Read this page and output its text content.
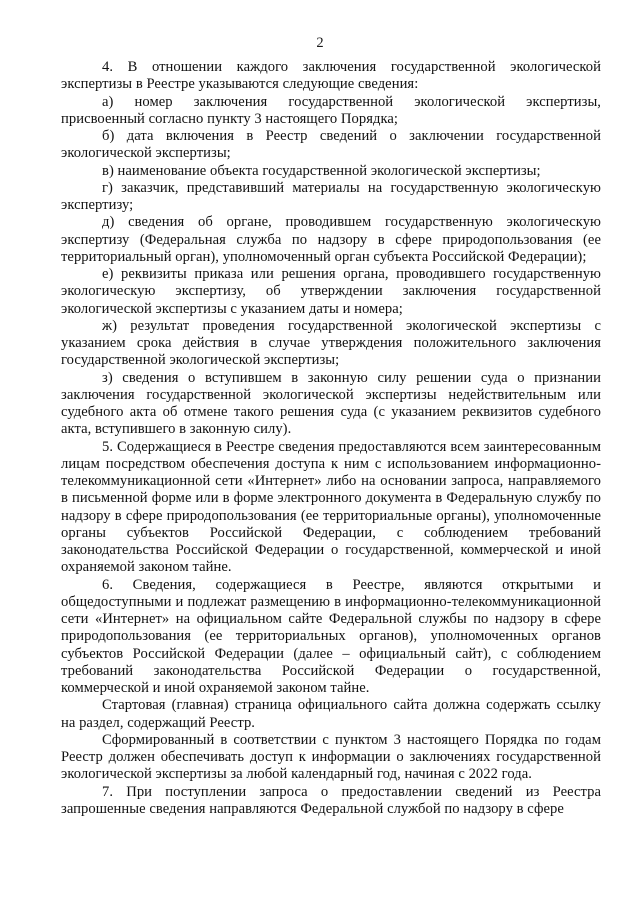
2

4. В отношении каждого заключения государственной экологической экспертизы в Реестре указываются следующие сведения:

а) номер заключения государственной экологической экспертизы, присвоенный согласно пункту 3 настоящего Порядка;

б) дата включения в Реестр сведений о заключении государственной экологической экспертизы;

в) наименование объекта государственной экологической экспертизы;

г) заказчик, представивший материалы на государственную экологическую экспертизу;

д) сведения об органе, проводившем государственную экологическую экспертизу (Федеральная служба по надзору в сфере природопользования (ее территориальный орган), уполномоченный орган субъекта Российской Федерации);

е) реквизиты приказа или решения органа, проводившего государственную экологическую экспертизу, об утверждении заключения государственной экологической экспертизы с указанием даты и номера;

ж) результат проведения государственной экологической экспертизы с указанием срока действия в случае утверждения положительного заключения государственной экологической экспертизы;

з) сведения о вступившем в законную силу решении суда о признании заключения государственной экологической экспертизы недействительным или судебного акта об отмене такого решения суда (с указанием реквизитов судебного акта, вступившего в законную силу).

5. Содержащиеся в Реестре сведения предоставляются всем заинтересованным лицам посредством обеспечения доступа к ним с использованием информационно-телекоммуникационной сети «Интернет» либо на основании запроса, направляемого в письменной форме или в форме электронного документа в Федеральную службу по надзору в сфере природопользования (ее территориальные органы), уполномоченные органы субъектов Российской Федерации, с соблюдением требований законодательства Российской Федерации о государственной, коммерческой и иной охраняемой законом тайне.

6. Сведения, содержащиеся в Реестре, являются открытыми и общедоступными и подлежат размещению в информационно-телекоммуникационной сети «Интернет» на официальном сайте Федеральной службы по надзору в сфере природопользования (ее территориальных органов), уполномоченных органов субъектов Российской Федерации (далее – официальный сайт), с соблюдением требований законодательства Российской Федерации о государственной, коммерческой и иной охраняемой законом тайне.

Стартовая (главная) страница официального сайта должна содержать ссылку на раздел, содержащий Реестр.

Сформированный в соответствии с пунктом 3 настоящего Порядка по годам Реестр должен обеспечивать доступ к информации о заключениях государственной экологической экспертизы за любой календарный год, начиная с 2022 года.

7. При поступлении запроса о предоставлении сведений из Реестра запрошенные сведения направляются Федеральной службой по надзору в сфере
